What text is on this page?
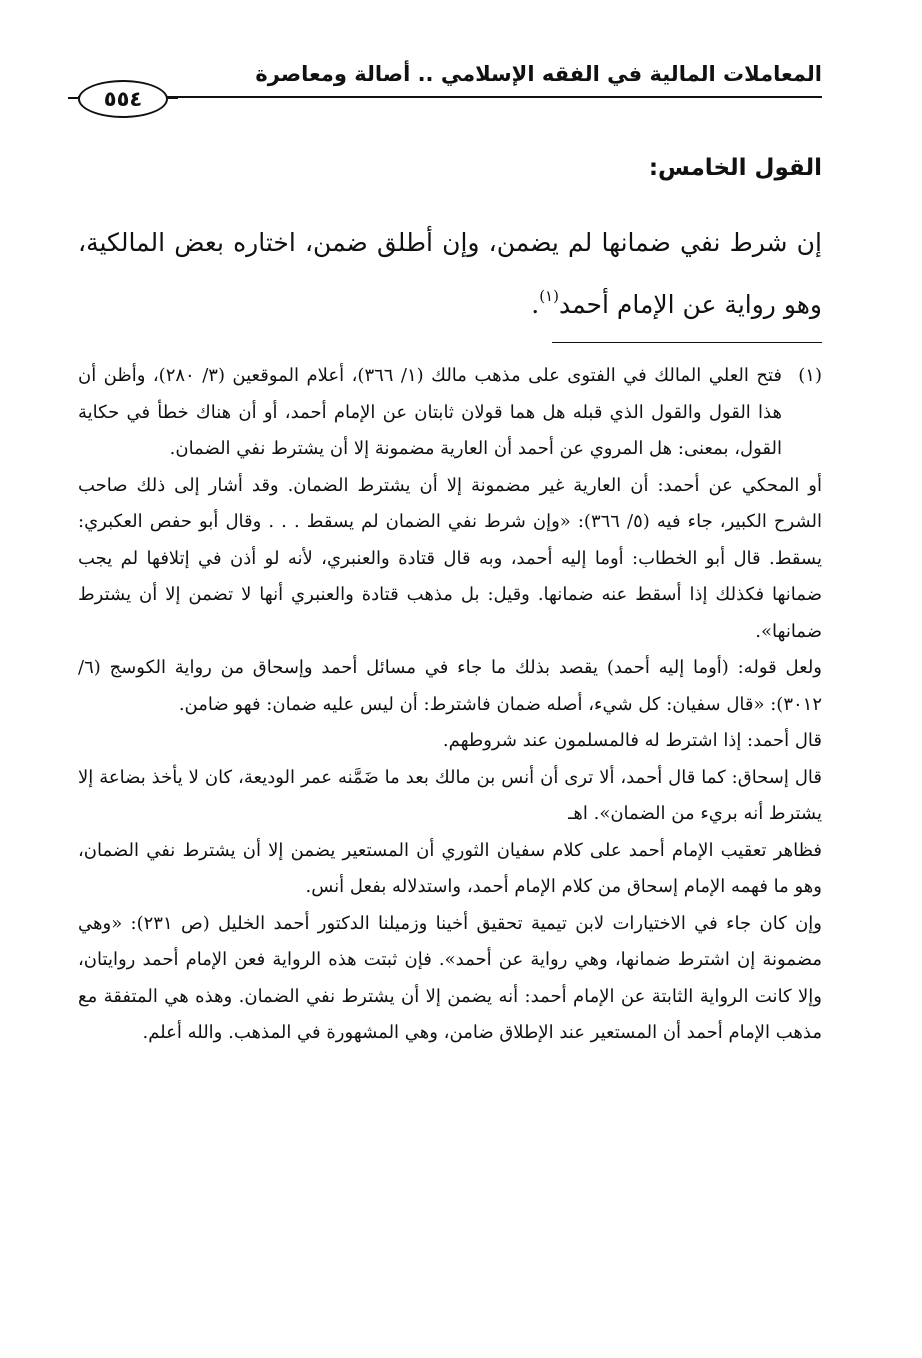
المعاملات المالية في الفقه الإسلامي .. أصالة ومعاصرة
٥٥٤
القول الخامس:

إن شرط نفي ضمانها لم يضمن، وإن أطلق ضمن، اختاره بعض المالكية، وهو رواية عن الإمام أحمد$^{(١)}$.

(١)
فتح العلي المالك في الفتوى على مذهب مالك (١/ ٣٦٦)، أعلام الموقعين (٣/ ٢٨٠)، وأظن أن هذا القول والقول الذي قبله هل هما قولان ثابتان عن الإمام أحمد، أو أن هناك خطأ في حكاية القول، بمعنى: هل المروي عن أحمد أن العارية مضمونة إلا أن يشترط نفي الضمان.

أو المحكي عن أحمد: أن العارية غير مضمونة إلا أن يشترط الضمان. وقد أشار إلى ذلك صاحب الشرح الكبير، جاء فيه (٥/ ٣٦٦): «وإن شرط نفي الضمان لم يسقط . . . وقال أبو حفص العكبري: يسقط. قال أبو الخطاب: أوما إليه أحمد، وبه قال قتادة والعنبري، لأنه لو أذن في إتلافها لم يجب ضمانها فكذلك إذا أسقط عنه ضمانها. وقيل: بل مذهب قتادة والعنبري أنها لا تضمن إلا أن يشترط ضمانها».

ولعل قوله: (أوما إليه أحمد) يقصد بذلك ما جاء في مسائل أحمد وإسحاق من رواية الكوسج (٦/ ٣٠١٢): «قال سفيان: كل شيء، أصله ضمان فاشترط: أن ليس عليه ضمان: فهو ضامن.

قال أحمد: إذا اشترط له فالمسلمون عند شروطهم.

قال إسحاق: كما قال أحمد، ألا ترى أن أنس بن مالك بعد ما ضَمَّنه عمر الوديعة، كان لا يأخذ بضاعة إلا يشترط أنه بريء من الضمان». اهـ

فظاهر تعقيب الإمام أحمد على كلام سفيان الثوري أن المستعير يضمن إلا أن يشترط نفي الضمان، وهو ما فهمه الإمام إسحاق من كلام الإمام أحمد، واستدلاله بفعل أنس.

وإن كان جاء في الاختيارات لابن تيمية تحقيق أخينا وزميلنا الدكتور أحمد الخليل (ص ٢٣١): «وهي مضمونة إن اشترط ضمانها، وهي رواية عن أحمد». فإن ثبتت هذه الرواية فعن الإمام أحمد روايتان، وإلا كانت الرواية الثابتة عن الإمام أحمد: أنه يضمن إلا أن يشترط نفي الضمان. وهذه هي المتفقة مع مذهب الإمام أحمد أن المستعير عند الإطلاق ضامن، وهي المشهورة في المذهب. والله أعلم.
